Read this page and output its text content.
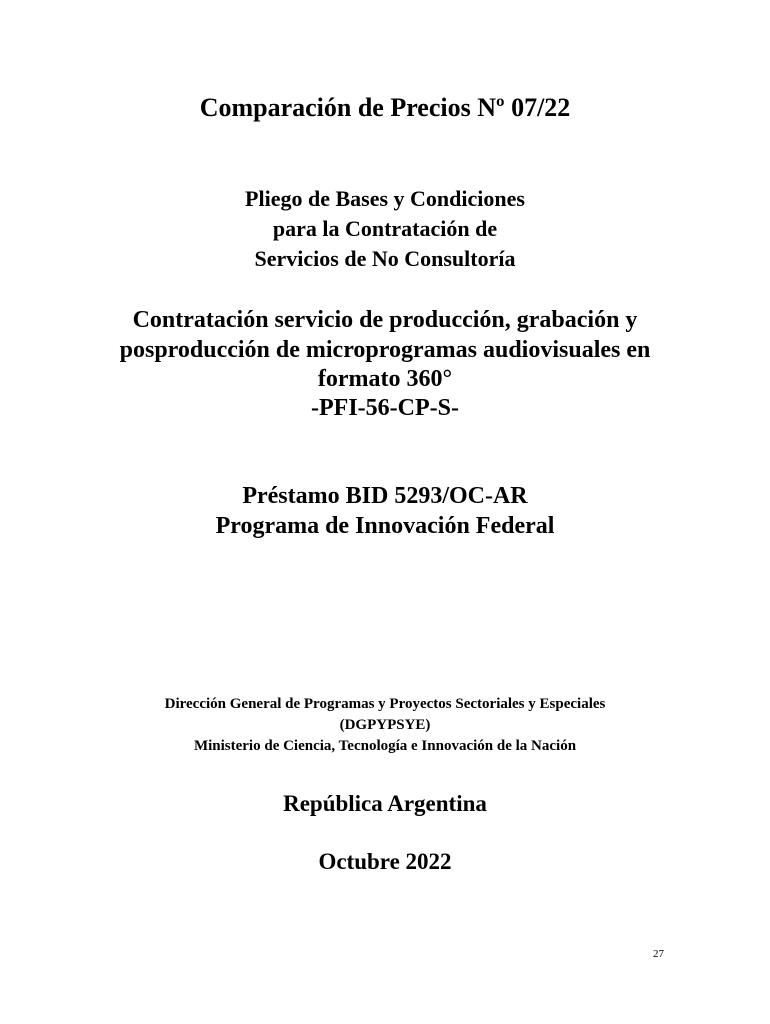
Comparación de Precios Nº 07/22
Pliego de Bases y Condiciones
para la Contratación de
Servicios de No Consultoría
Contratación servicio de producción, grabación y
posproducción de microprogramas audiovisuales en
formato 360°
-PFI-56-CP-S-
Préstamo BID 5293/OC-AR
Programa de Innovación Federal
Dirección General de Programas y Proyectos Sectoriales y Especiales
(DGPYPSYE)
Ministerio de Ciencia, Tecnología e Innovación de la Nación
República Argentina
Octubre 2022
27
